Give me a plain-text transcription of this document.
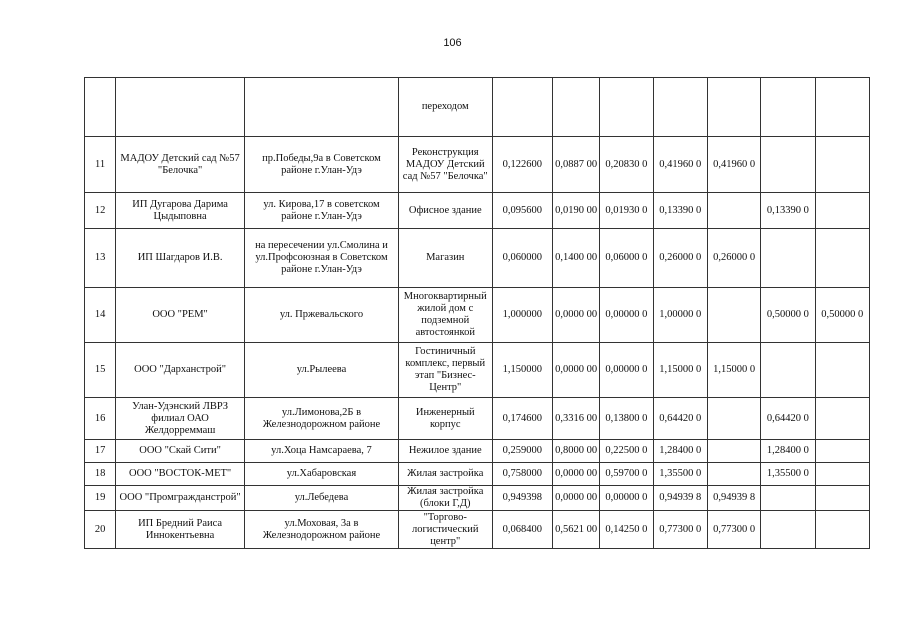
106
			переходом							
11	МАДОУ Детский сад №57 "Белочка"	пр.Победы,9а в Советском районе г.Улан-Удэ	Реконструкция МАДОУ Детский сад №57 "Белочка"	0,122600	0,0887 00	0,20830 0	0,41960 0	0,41960 0		
12	ИП Дугарова Дарима Цыдыповна	ул. Кирова,17 в советском районе г.Улан-Удэ	Офисное здание	0,095600	0,0190 00	0,01930 0	0,13390 0		0,13390 0	
13	ИП Шагдаров И.В.	на пересечении ул.Смолина и ул.Профсоюзная в Советском районе г.Улан-Удэ	Магазин	0,060000	0,1400 00	0,06000 0	0,26000 0	0,26000 0		
14	ООО "РЕМ"	ул. Пржевальского	Многоквартирный жилой дом с подземной автостоянкой	1,000000	0,0000 00	0,00000 0	1,00000 0		0,50000 0	0,50000 0
15	ООО "Дарханстрой"	ул.Рылеева	Гостиничный комплекс, первый этап "Бизнес-Центр"	1,150000	0,0000 00	0,00000 0	1,15000 0	1,15000 0		
16	Улан-Удэнский ЛВРЗ филиал ОАО Желдорреммаш	ул.Лимонова,2Б в Железнодорожном районе	Инженерный корпус	0,174600	0,3316 00	0,13800 0	0,64420 0		0,64420 0	
17	ООО "Скай Сити"	ул.Хоца Намсараева, 7	Нежилое здание	0,259000	0,8000 00	0,22500 0	1,28400 0		1,28400 0	
18	ООО "ВОСТОК-МЕТ"	ул.Хабаровская	Жилая застройка	0,758000	0,0000 00	0,59700 0	1,35500 0		1,35500 0	
19	ООО "Промгражданстрой"	ул.Лебедева	Жилая застройка (блоки Г,Д)	0,949398	0,0000 00	0,00000 0	0,94939 8	0,94939 8		
20	ИП Бредний Раиса Иннокентьевна	ул.Моховая, 3а в Железнодорожном районе	"Торгово-логистический центр"	0,068400	0,5621 00	0,14250 0	0,77300 0	0,77300 0		
